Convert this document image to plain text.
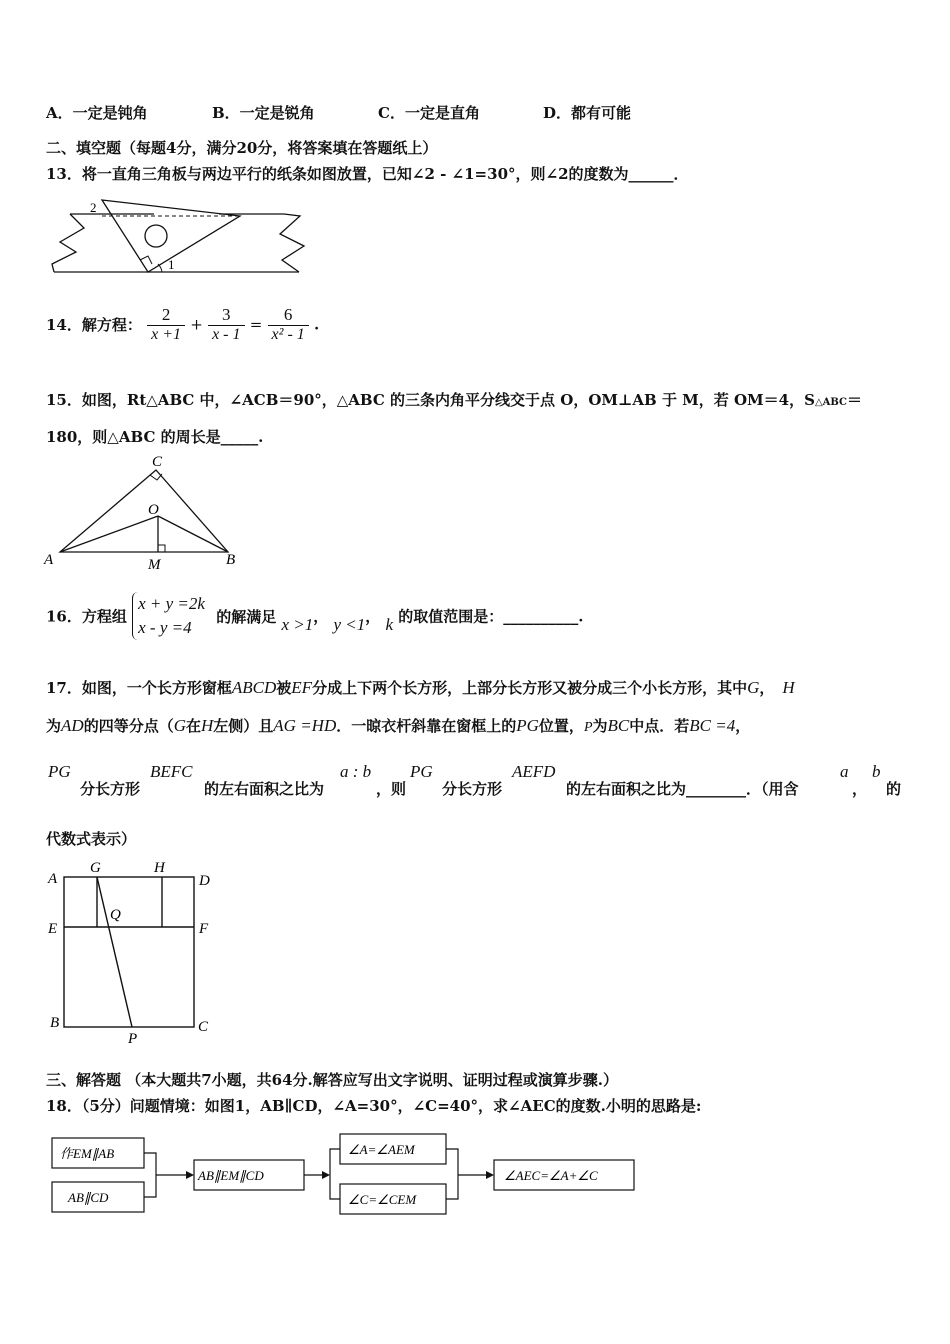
A．一定是钝角	B．一定是锐角	C．一定是直角	D．都有可能
二、填空题（每题4分，满分20分，将答案填在答题纸上）
13．将一直角三角板与两边平行的纸条如图放置，已知∠2 - ∠1=30°，则∠2的度数为______．
2
1
14．解方程： $\frac{2}{x +1} + \frac{3}{x - 1} = \frac{6}{\text{x² - 1}}$ .
15．如图，Rt△ABC 中，∠ACB＝90°，△ABC 的三条内角平分线交于点 O，OM⊥AB 于 M，若 OM＝4，S△ABC＝
180，则△ABC 的周长是_____.
A	B
C
O
M
16．方程组
x + y =2k
x - y =4
的解满足 x >1， y <1， k 的取值范围是：__________.
17．如图，一个长方形窗框ABCD被EF分成上下两个长方形，上部分长方形又被分成三个小长方形，其中G， H
为AD的四等分点（G在H左侧）且AG =HD．一晾衣杆斜靠在窗框上的PG位置，P为BC中点．若BC =4，
PG
分长方形
BEFC
的左右面积之比为
a : b
，则
PG
分长方形
AEFD
的左右面积之比为________．（用含
a
，
b
的
代数式表示）
A
G	H
D
E
Q
F
B
P
C
三、解答题 （本大题共7小题，共64分.解答应写出文字说明、证明过程或演算步骤.）
18．（5分）问题情境：如图1，AB∥CD，∠A=30°，∠C=40°，求∠AEC的度数.小明的思路是:
作EM∥AB
AB∥CD
AB∥EM∥CD
∠A=∠AEM
∠C=∠CEM
∠AEC=∠A+∠C
